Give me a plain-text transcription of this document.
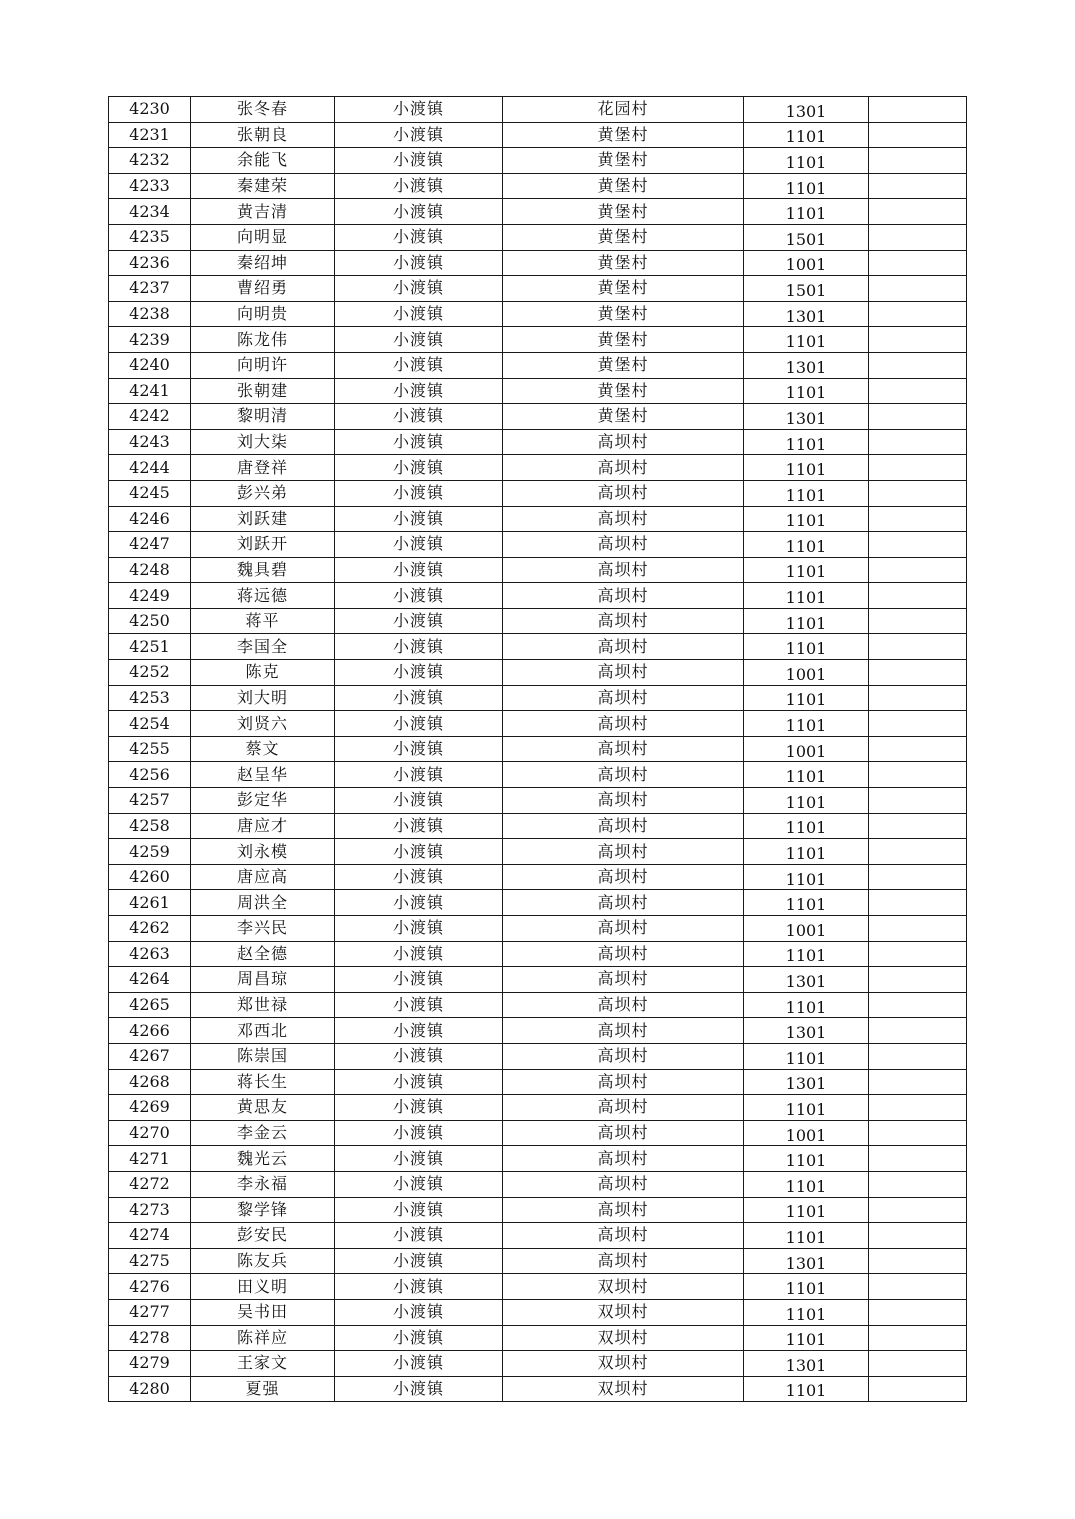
4230	张冬春	小渡镇	花园村	1301	
4231	张朝良	小渡镇	黄堡村	1101	
4232	余能飞	小渡镇	黄堡村	1101	
4233	秦建荣	小渡镇	黄堡村	1101	
4234	黄吉清	小渡镇	黄堡村	1101	
4235	向明显	小渡镇	黄堡村	1501	
4236	秦绍坤	小渡镇	黄堡村	1001	
4237	曹绍勇	小渡镇	黄堡村	1501	
4238	向明贵	小渡镇	黄堡村	1301	
4239	陈龙伟	小渡镇	黄堡村	1101	
4240	向明许	小渡镇	黄堡村	1301	
4241	张朝建	小渡镇	黄堡村	1101	
4242	黎明清	小渡镇	黄堡村	1301	
4243	刘大柒	小渡镇	高坝村	1101	
4244	唐登祥	小渡镇	高坝村	1101	
4245	彭兴弟	小渡镇	高坝村	1101	
4246	刘跃建	小渡镇	高坝村	1101	
4247	刘跃开	小渡镇	高坝村	1101	
4248	魏具碧	小渡镇	高坝村	1101	
4249	蒋远德	小渡镇	高坝村	1101	
4250	蒋平	小渡镇	高坝村	1101	
4251	李国全	小渡镇	高坝村	1101	
4252	陈克	小渡镇	高坝村	1001	
4253	刘大明	小渡镇	高坝村	1101	
4254	刘贤六	小渡镇	高坝村	1101	
4255	蔡文	小渡镇	高坝村	1001	
4256	赵呈华	小渡镇	高坝村	1101	
4257	彭定华	小渡镇	高坝村	1101	
4258	唐应才	小渡镇	高坝村	1101	
4259	刘永模	小渡镇	高坝村	1101	
4260	唐应高	小渡镇	高坝村	1101	
4261	周洪全	小渡镇	高坝村	1101	
4262	李兴民	小渡镇	高坝村	1001	
4263	赵全德	小渡镇	高坝村	1101	
4264	周昌琼	小渡镇	高坝村	1301	
4265	郑世禄	小渡镇	高坝村	1101	
4266	邓西北	小渡镇	高坝村	1301	
4267	陈崇国	小渡镇	高坝村	1101	
4268	蒋长生	小渡镇	高坝村	1301	
4269	黄思友	小渡镇	高坝村	1101	
4270	李金云	小渡镇	高坝村	1001	
4271	魏光云	小渡镇	高坝村	1101	
4272	李永福	小渡镇	高坝村	1101	
4273	黎学锋	小渡镇	高坝村	1101	
4274	彭安民	小渡镇	高坝村	1101	
4275	陈友兵	小渡镇	高坝村	1301	
4276	田义明	小渡镇	双坝村	1101	
4277	吴书田	小渡镇	双坝村	1101	
4278	陈祥应	小渡镇	双坝村	1101	
4279	王家文	小渡镇	双坝村	1301	
4280	夏强	小渡镇	双坝村	1101	
